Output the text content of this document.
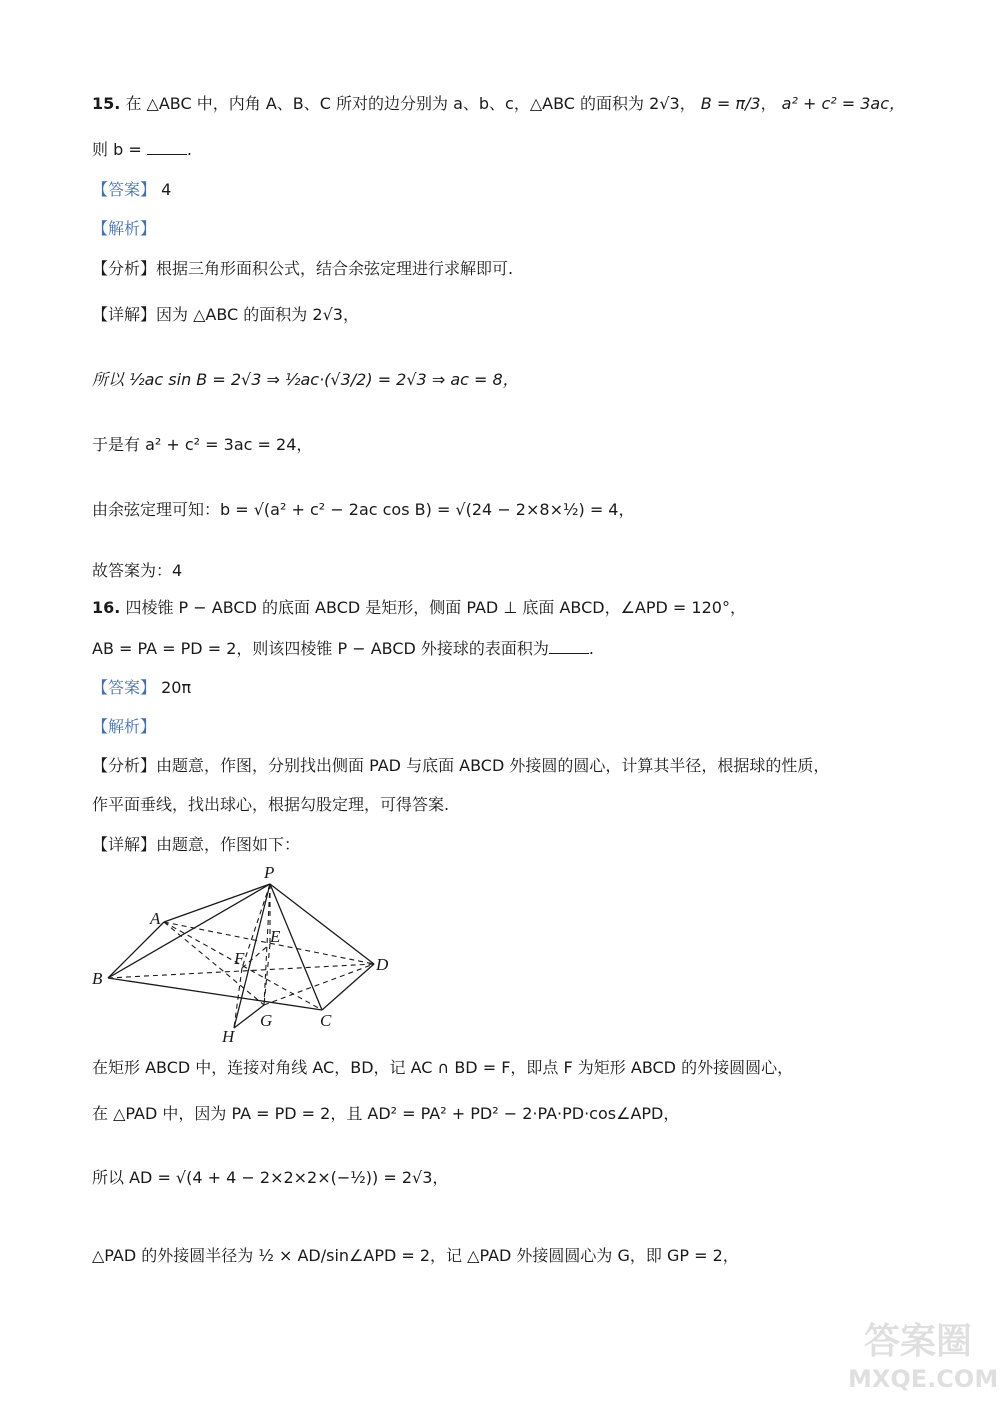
15. 在 △ABC 中，内角 A、B、C 所对的边分别为 a、b、c，△ABC 的面积为 2√3， B = π/3， a² + c² = 3ac，
则 b =	.
【答案】 4
【解析】
【分析】根据三角形面积公式，结合余弦定理进行求解即可.
【详解】因为 △ABC 的面积为 2√3，
所以 ½ac sin B = 2√3 ⇒ ½ac·(√3/2) = 2√3 ⇒ ac = 8，
于是有 a² + c² = 3ac = 24，
由余弦定理可知：b = √(a² + c² − 2ac cos B) = √(24 − 2×8×½) = 4，
故答案为：4
16. 四棱锥 P − ABCD 的底面 ABCD 是矩形，侧面 PAD ⊥ 底面 ABCD，∠APD = 120°，
AB = PA = PD = 2，则该四棱锥 P − ABCD 外接球的表面积为	.
【答案】 20π
【解析】
【分析】由题意，作图，分别找出侧面 PAD 与底面 ABCD 外接圆的圆心，计算其半径，根据球的性质，
作平面垂线，找出球心，根据勾股定理，可得答案.
【详解】由题意，作图如下：
P
A
E
F
B
D
H
G	C
在矩形 ABCD 中，连接对角线 AC，BD，记 AC ∩ BD = F，即点 F 为矩形 ABCD 的外接圆圆心，
在 △PAD 中，因为 PA = PD = 2，且 AD² = PA² + PD² − 2·PA·PD·cos∠APD，
所以 AD = √(4 + 4 − 2×2×2×(−½)) = 2√3，
△PAD 的外接圆半径为 ½ × AD/sin∠APD = 2，记 △PAD 外接圆圆心为 G，即 GP = 2，
答案圈
MXQE.COM
